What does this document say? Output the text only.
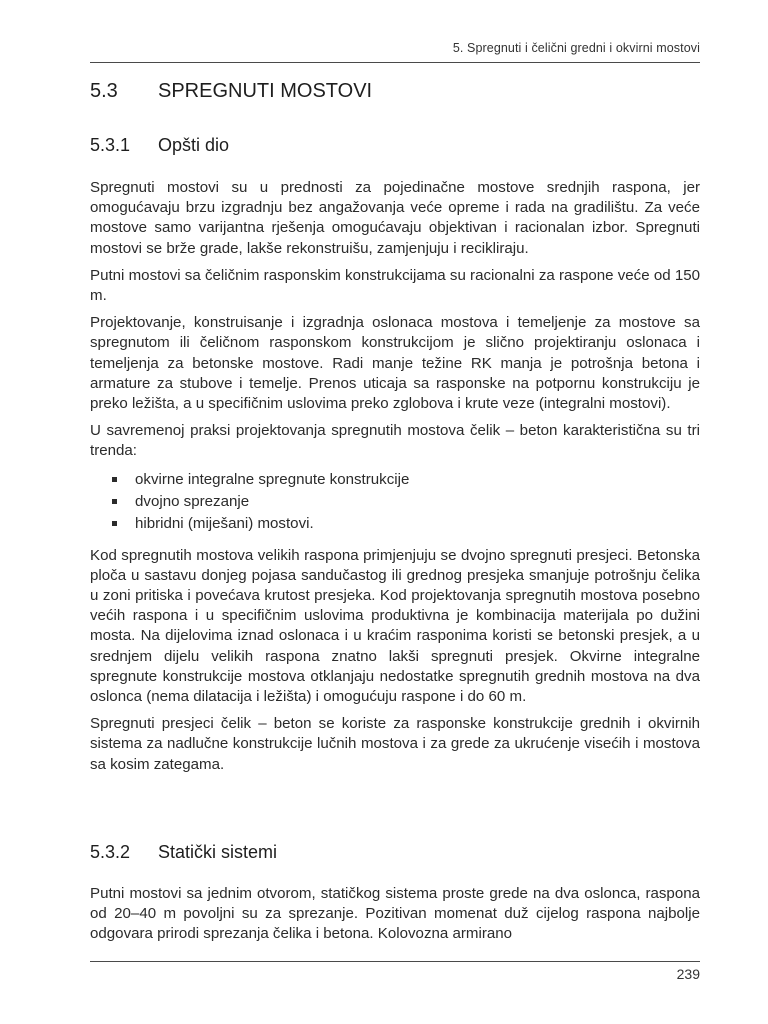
5. Spregnuti i čelični gredni i okvirni mostovi
5.3 SPREGNUTI MOSTOVI
5.3.1 Opšti dio

Spregnuti mostovi su u prednosti za pojedinačne mostove srednjih raspona, jer omogućavaju brzu izgradnju bez angažovanja veće opreme i rada na gradilištu. Za veće mostove samo varijantna rješenja omogućavaju objektivan i racionalan izbor. Spregnuti mostovi se brže grade, lakše rekonstruišu, zamjenjuju i recikliraju.

Putni mostovi sa čeličnim rasponskim konstrukcijama su racionalni za raspone veće od 150 m.

Projektovanje, konstruisanje i izgradnja oslonaca mostova i temeljenje za mostove sa spregnutom ili čeličnom rasponskom konstrukcijom je slično projektiranju oslonaca i temeljenja za betonske mostove. Radi manje težine RK manja je potrošnja betona i armature za stubove i temelje. Prenos uticaja sa rasponske na potpornu konstrukciju je preko ležišta, a u specifičnim uslovima preko zglobova i krute veze (integralni mostovi).

U savremenoj praksi projektovanja spregnutih mostova čelik – beton karakteristična su tri trenda:

okvirne integralne spregnute konstrukcije
dvojno sprezanje
hibridni (miješani) mostovi.

Kod spregnutih mostova velikih raspona primjenjuju se dvojno spregnuti presjeci. Betonska ploča u sastavu donjeg pojasa sandučastog ili grednog presjeka smanjuje potrošnju čelika u zoni pritiska i povećava krutost presjeka. Kod projektovanja spregnutih mostova posebno većih raspona i u specifičnim uslovima produktivna je kombinacija materijala po dužini mosta. Na dijelovima iznad oslonaca i u kraćim rasponima koristi se betonski presjek, a u srednjem dijelu velikih raspona znatno lakši spregnuti presjek. Okvirne integralne spregnute konstrukcije mostova otklanjaju nedostatke spregnutih grednih mostova na dva oslonca (nema dilatacija i ležišta) i omogućuju raspone i do 60 m.

Spregnuti presjeci čelik – beton se koriste za rasponske konstrukcije grednih i okvirnih sistema za nadlučne konstrukcije lučnih mostova i za grede za ukrućenje visećih i mostova sa kosim zategama.

5.3.2 Statički sistemi

Putni mostovi sa jednim otvorom, statičkog sistema proste grede na dva oslonca, raspona od 20–40 m povoljni su za sprezanje. Pozitivan momenat duž cijelog raspona najbolje odgovara prirodi sprezanja čelika i betona. Kolovozna armirano

239
